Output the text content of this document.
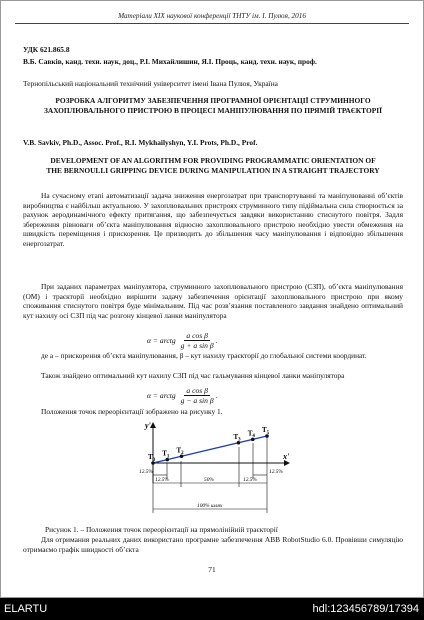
Матеріали ХІХ наукової конференції ТНТУ ім. І. Пулюя, 2016
УДК 621.865.8
В.Б. Савків, канд. техн. наук, доц., Р.І. Михайлишин, Я.І. Проць, канд. техн. наук, проф.
Тернопільський національний технічний університет імені Івана Пулюя, Україна
РОЗРОБКА АЛГОРИТМУ ЗАБЕЗПЕЧЕННЯ ПРОГРАМНОЇ ОРІЄНТАЦІЇ СТРУМИННОГО ЗАХОПЛЮВАЛЬНОГО ПРИСТРОЮ В ПРОЦЕСІ МАНІПУЛЮВАННЯ ПО ПРЯМІЙ ТРАЄКТОРІЇ
V.B. Savkiv, Ph.D., Assoc. Prof., R.I. Mykhailyshyn, Y.I. Prots, Ph.D., Prof.
DEVELOPMENT OF AN ALGORITHM FOR PROVIDING PROGRAMMATIC ORIENTATION OF THE BERNOULLI GRIPPING DEVICE DURING MANIPULATION IN A STRAIGHT TRAJECTORY

На сучасному етапі автоматизації задача зниження енергозатрат при транспортуванні та маніпулюванні об’єктів виробництва є найбільш актуальною. У захоплювальних пристроях струминного типу підіймальна сила створюється за рахунок аеродинамічного ефекту притягання, що забезпечується завдяки використанню стиснутого повітря. Задля збереження рівноваги об’єкта маніпулювання відносно захоплювального пристрою необхідно увести обмеження на швидкість переміщення і прискорення. Це призводить до збільшення часу маніпулювання і відповідно збільшення енергозатрат.

При заданих параметрах маніпулятора, струминного захоплювального пристрою (СЗП), об’єкта маніпулювання (ОМ) і траєкторії необхідно вирішити задачу забезпечення орієнтації захоплювального пристрою при якому споживання стиснутого повітря буде мінімальним. Під час розв’язання поставленого завдання знайдено оптимальний кут нахилу осі СЗП під час розгону кінцевої ланки маніпулятора

α = arctg $\frac{\text{a cos β}}{\text{g + a sin β}}$ .

де a – прискорення об’єкта маніпулювання, β – кут нахилу траєкторії до глобальної системи координат.

Також знайдено оптимальний кут нахилу СЗП під час гальмування кінцевої ланки маніпулятора

α = arctg $\frac{\text{a cos β}}{\text{g − a sin β}}$ .
Положення точок переорієнтації зображено на рисунку 1.
y'
x'
$T_0$
$T_1$
$T_2$
$T_3$
$T_4$
$T_5$
12.5%
12.5%	50%	12.5%
12.5%
100% шлях
Рисунок 1. – Положення точок переорієнтації на прямолінійній траєкторії

Для отримання реальних даних використано програмне забезпечення ABB RobotStudio 6.0. Провівши симуляцію отримаємо графік швидкості об’єкта

71
ELARTU	hdl:123456789/17394
